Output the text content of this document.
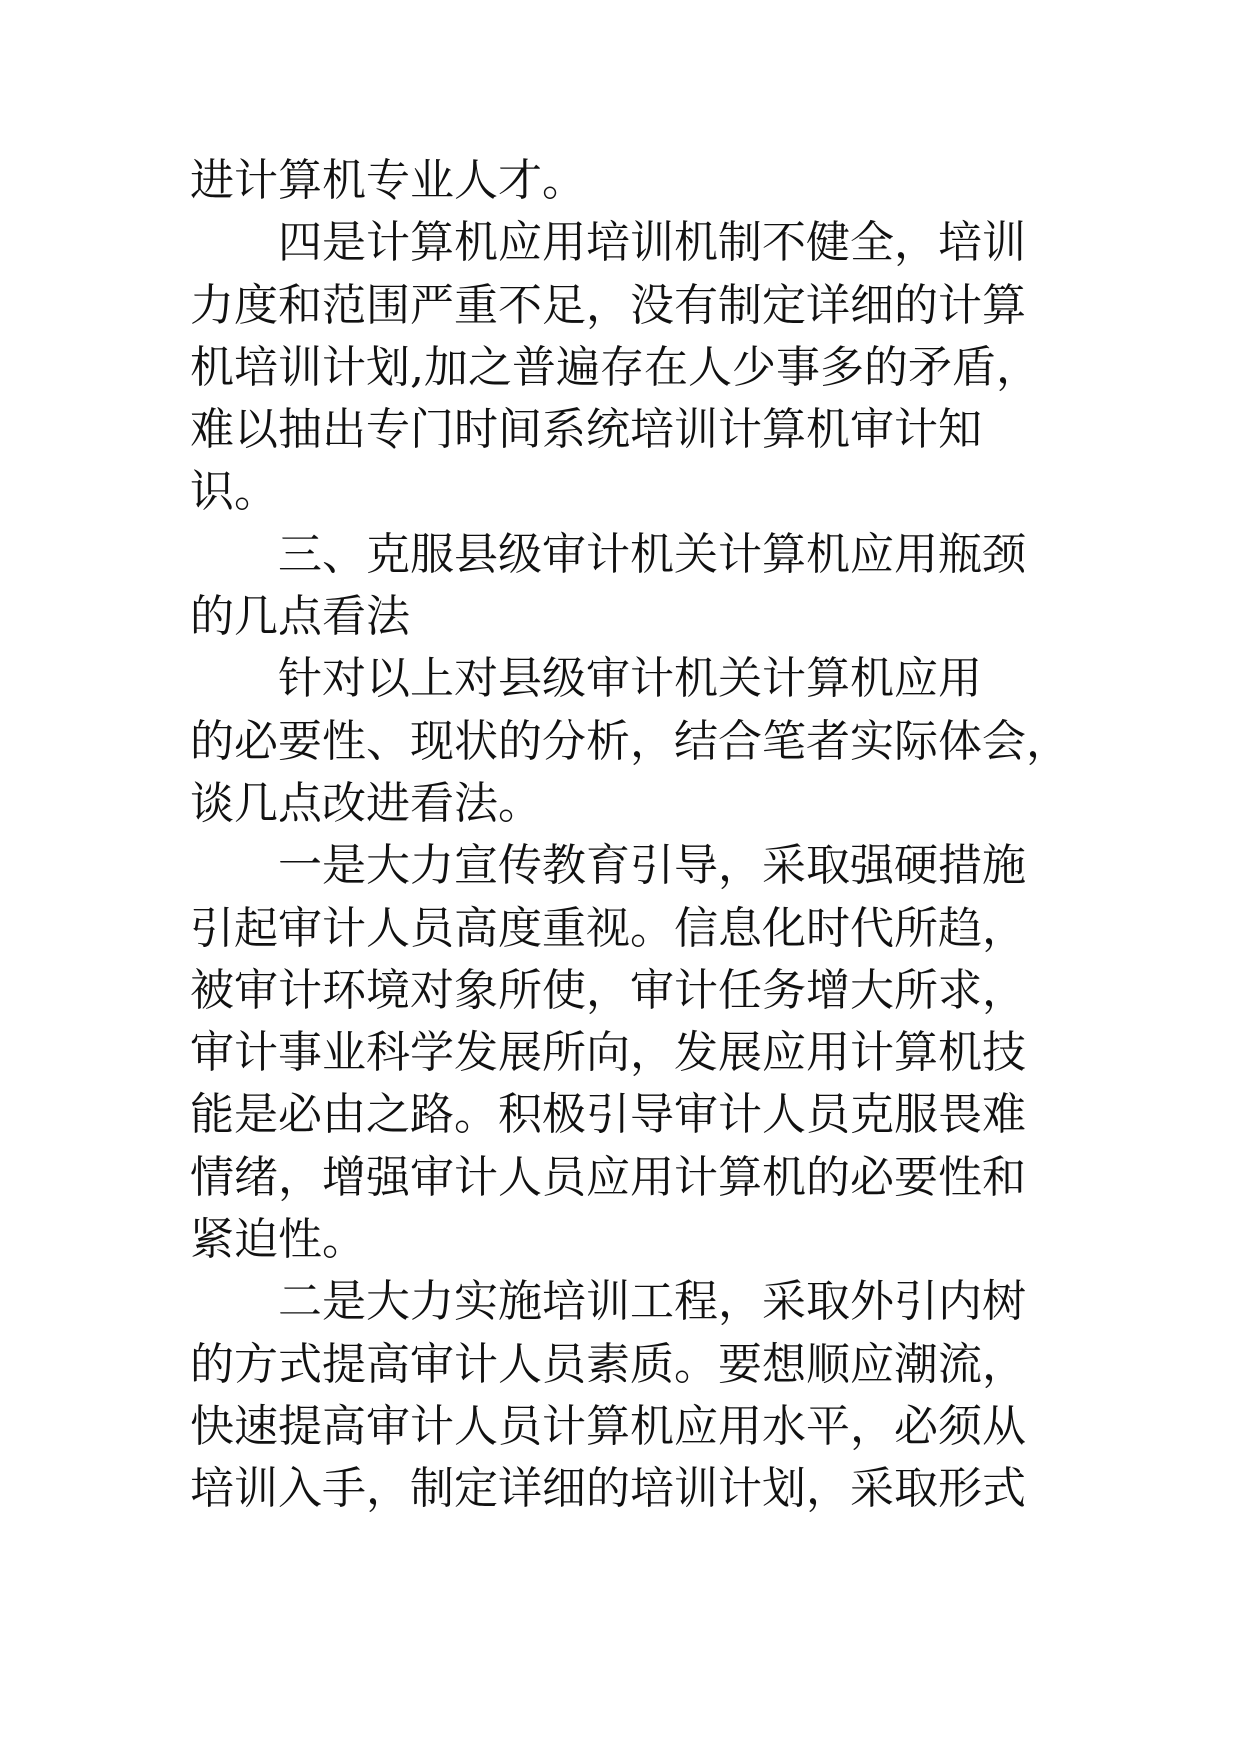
进计算机专业人才。
四是计算机应用培训机制不健全，培训
力度和范围严重不足，没有制定详细的计算
机培训计划,加之普遍存在人少事多的矛盾，
难以抽出专门时间系统培训计算机审计知
识。
三、克服县级审计机关计算机应用瓶颈
的几点看法
针对以上对县级审计机关计算机应用
的必要性、现状的分析，结合笔者实际体会，
谈几点改进看法。
一是大力宣传教育引导，采取强硬措施
引起审计人员高度重视。信息化时代所趋，
被审计环境对象所使，审计任务增大所求，
审计事业科学发展所向，发展应用计算机技
能是必由之路。积极引导审计人员克服畏难
情绪，增强审计人员应用计算机的必要性和
紧迫性。
二是大力实施培训工程，采取外引内树
的方式提高审计人员素质。要想顺应潮流，
快速提高审计人员计算机应用水平，必须从
培训入手，制定详细的培训计划，采取形式
